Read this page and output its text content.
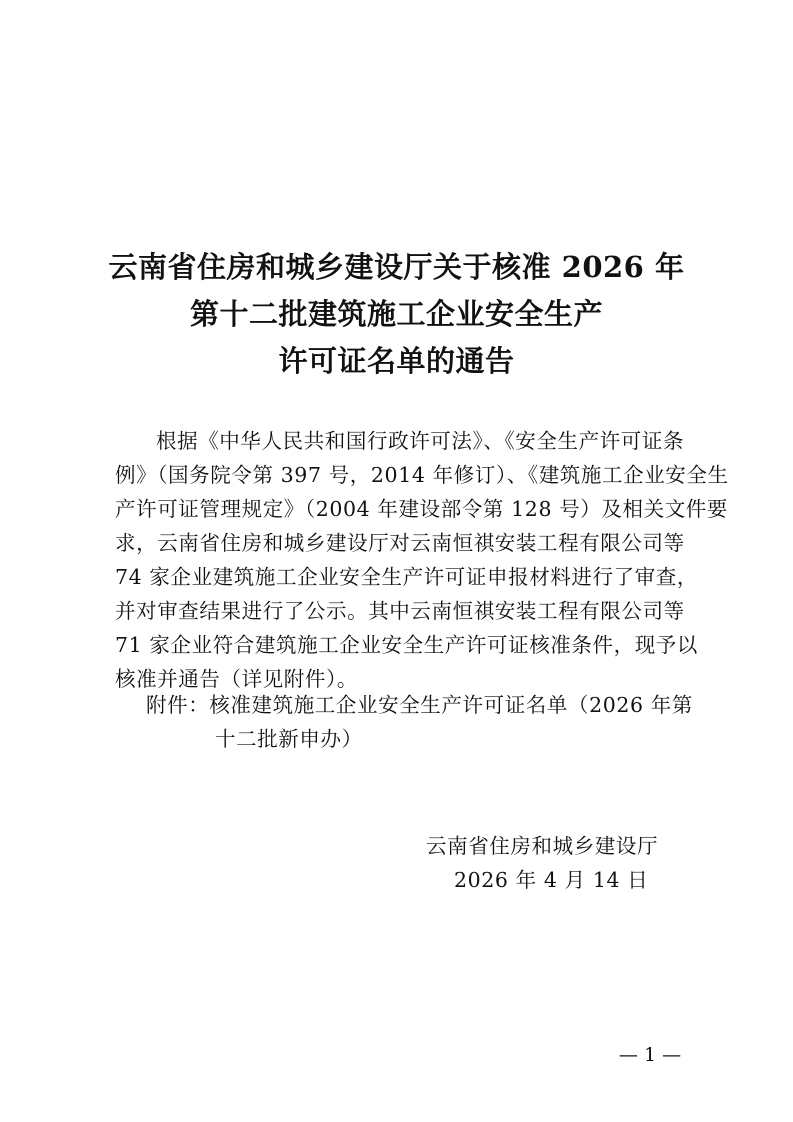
云南省住房和城乡建设厅关于核准 2026 年
第十二批建筑施工企业安全生产
许可证名单的通告
根据《中华人民共和国行政许可法》、《安全生产许可证条
例》（国务院令第 397 号，2014 年修订）、《建筑施工企业安全生
产许可证管理规定》（2004 年建设部令第 128 号）及相关文件要
求，云南省住房和城乡建设厅对云南恒祺安装工程有限公司等
74 家企业建筑施工企业安全生产许可证申报材料进行了审查，
并对审查结果进行了公示。其中云南恒祺安装工程有限公司等
71 家企业符合建筑施工企业安全生产许可证核准条件，现予以
核准并通告（详见附件）。
附件：核准建筑施工企业安全生产许可证名单（2026 年第
十二批新申办）
云南省住房和城乡建设厅
2026 年 4 月 14 日
— 1 —
